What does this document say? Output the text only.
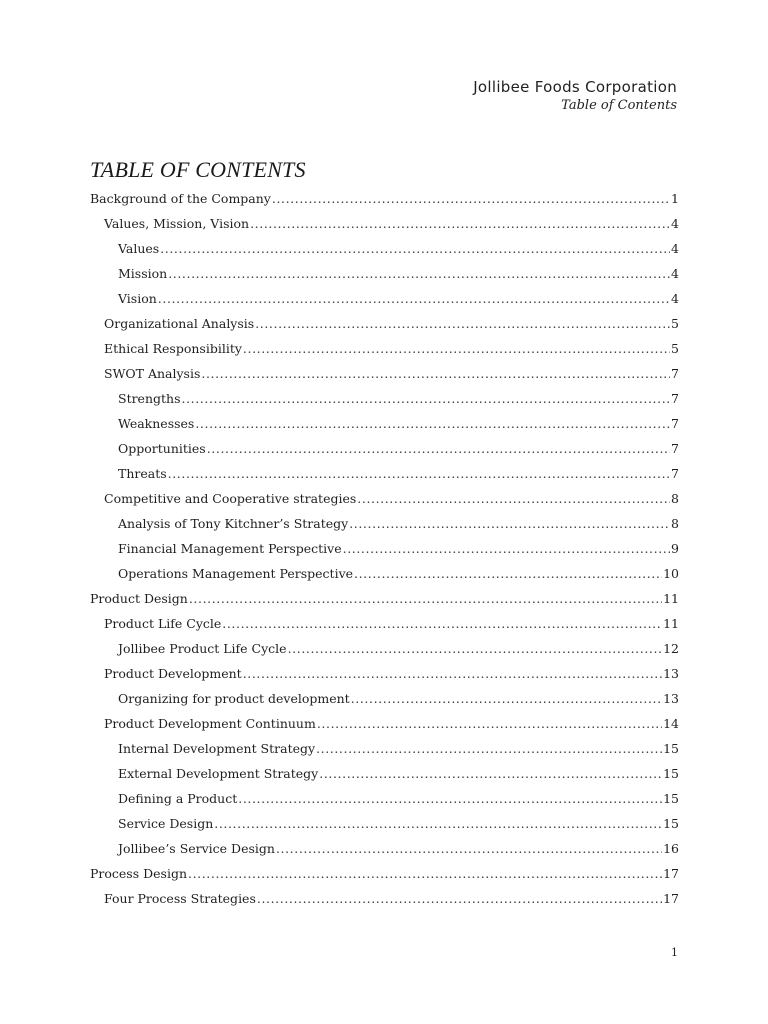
Jollibee Foods Corporation
Table of Contents
TABLE OF CONTENTS
Background of the Company .....	1
Values, Mission, Vision .....	4
Values .....	4
Mission .....	4
Vision .....	4
Organizational Analysis .....	5
Ethical Responsibility .....	5
SWOT Analysis .....	7
Strengths .....	7
Weaknesses .....	7
Opportunities .....	7
Threats .....	7
Competitive and Cooperative strategies .....	8
Analysis of Tony Kitchner’s Strategy .....	8
Financial Management Perspective .....	9
Operations Management Perspective .....	10
Product Design .....	11
Product Life Cycle .....	11
Jollibee Product Life Cycle .....	12
Product Development .....	13
Organizing for product development .....	13
Product Development Continuum .....	14
Internal Development Strategy .....	15
External Development Strategy .....	15
Defining a Product .....	15
Service Design .....	15
Jollibee’s Service Design .....	16
Process Design .....	17
Four Process Strategies .....	17
1
